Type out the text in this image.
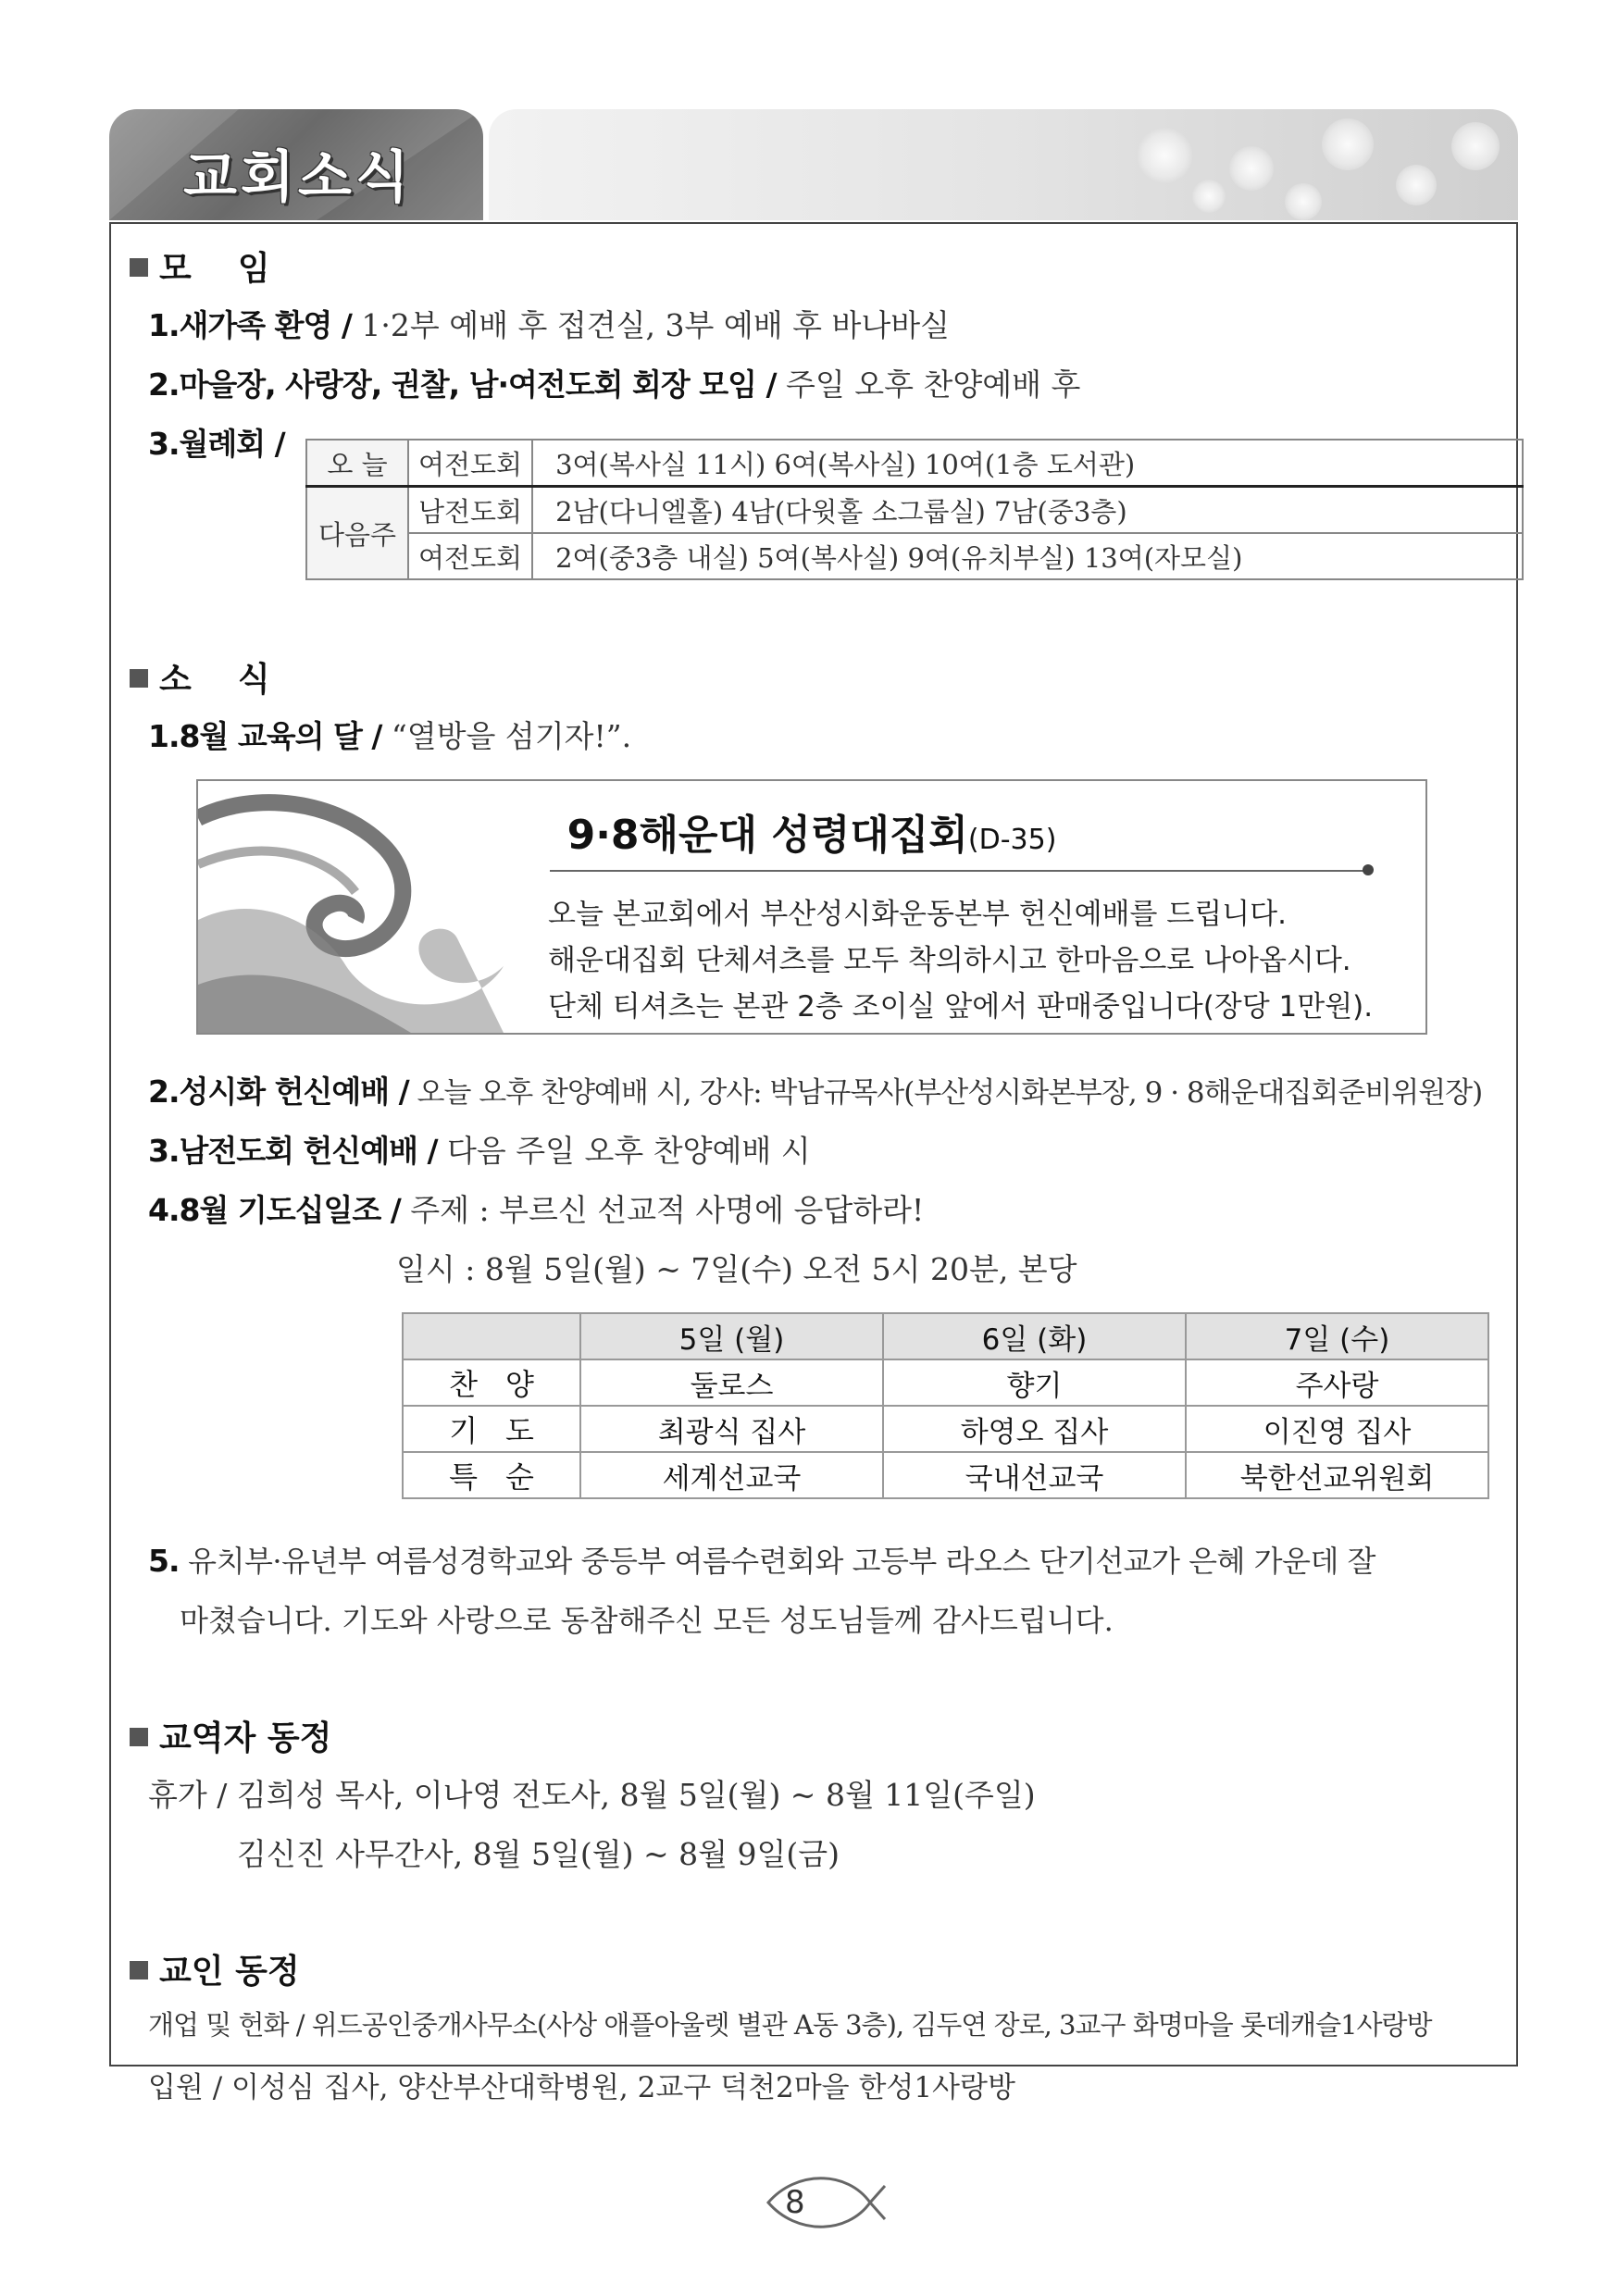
교회소식
모    임
1.새가족 환영 / 1·2부 예배 후 접견실, 3부 예배 후 바나바실
2.마을장, 사랑장, 권찰, 남·여전도회 회장 모임 / 주일 오후 찬양예배 후
3.월례회 /
오 늘	여전도회	3여(복사실 11시) 6여(복사실) 10여(1층 도서관)
다음주	남전도회	2남(다니엘홀) 4남(다윗홀 소그룹실) 7남(중3층)
	여전도회	2여(중3층 내실) 5여(복사실) 9여(유치부실) 13여(자모실)
소    식
1.8월 교육의 달 / “열방을 섬기자!”.
9·8해운대 성령대집회(D-35)
오늘 본교회에서 부산성시화운동본부 헌신예배를 드립니다.
해운대집회 단체셔츠를 모두 착의하시고 한마음으로 나아옵시다.
단체 티셔츠는 본관 2층 조이실 앞에서 판매중입니다(장당 1만원).
2.성시화 헌신예배 / 오늘 오후 찬양예배 시, 강사: 박남규목사(부산성시화본부장, 9 · 8해운대집회준비위원장)
3.남전도회 헌신예배 / 다음 주일 오후 찬양예배 시
4.8월 기도십일조 / 주제 : 부르신 선교적 사명에 응답하라!
일시 : 8월 5일(월) ~ 7일(수) 오전 5시 20분, 본당
	5일 (월)	6일 (화)	7일 (수)
찬양	둘로스	향기	주사랑
기도	최광식 집사	하영오 집사	이진영 집사
특순	세계선교국	국내선교국	북한선교위원회
5. 유치부·유년부 여름성경학교와 중등부 여름수련회와 고등부 라오스 단기선교가 은혜 가운데 잘
마쳤습니다. 기도와 사랑으로 동참해주신 모든 성도님들께 감사드립니다.
교역자 동정
휴가 / 김희성 목사, 이나영 전도사, 8월 5일(월) ~ 8월 11일(주일)
김신진 사무간사, 8월 5일(월) ~ 8월 9일(금)
교인 동정
개업 및 헌화 / 위드공인중개사무소(사상 애플아울렛 별관 A동 3층), 김두연 장로, 3교구 화명마을 롯데캐슬1사랑방
입원 / 이성심 집사, 양산부산대학병원, 2교구 덕천2마을 한성1사랑방
8
